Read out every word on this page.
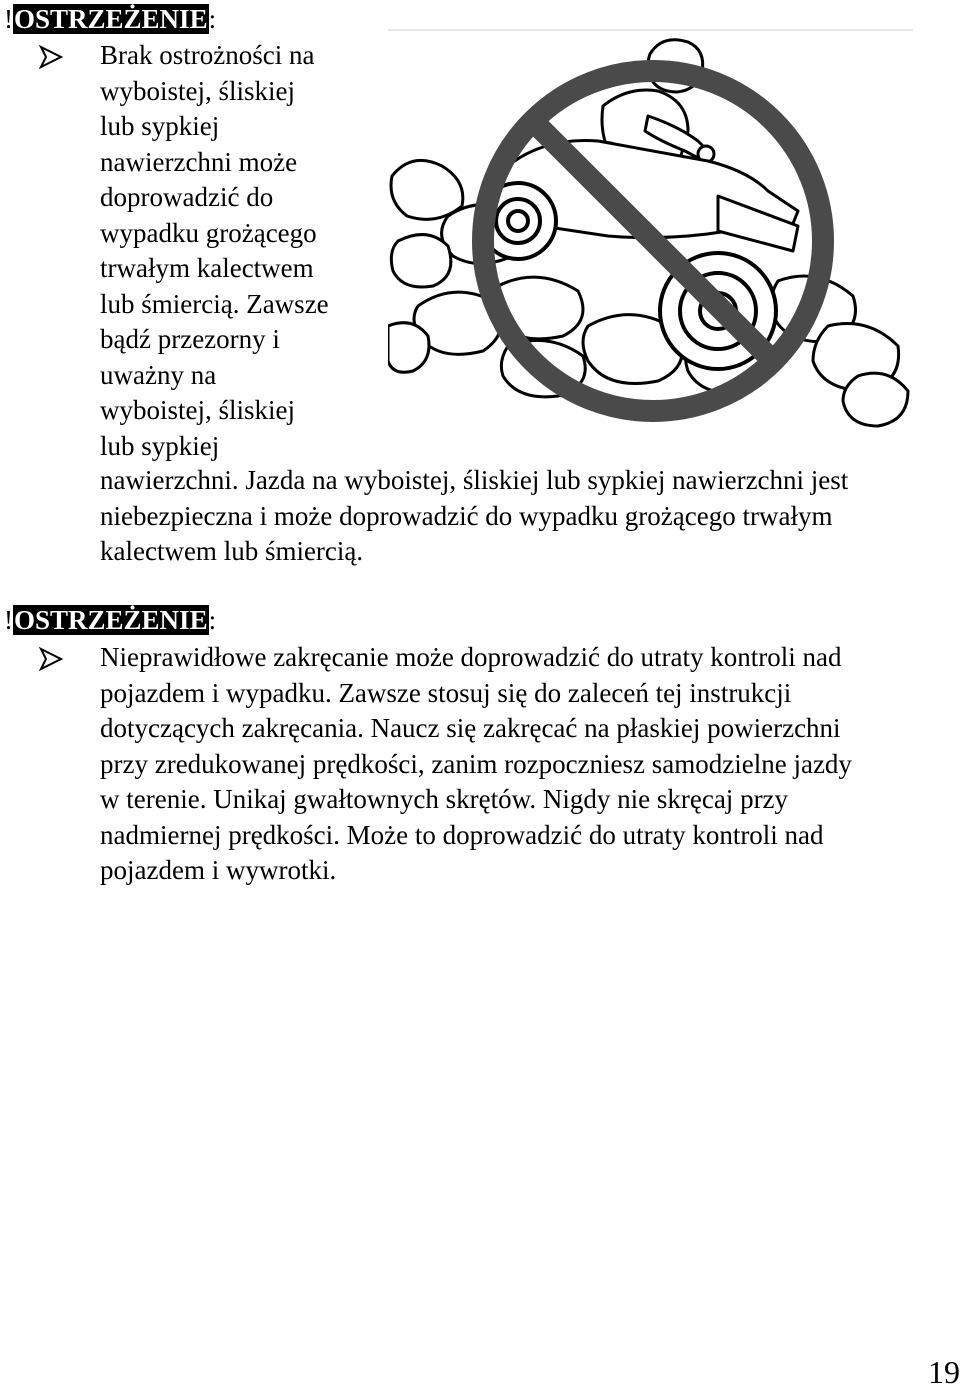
!OSTRZEŻENIE:
Brak ostrożności na
wyboistej, śliskiej
lub sypkiej
nawierzchni może
doprowadzić do
wypadku grożącego
trwałym kalectwem
lub śmiercią. Zawsze
bądź przezorny i
uważny na
wyboistej, śliskiej
lub sypkiej
nawierzchni. Jazda na wyboistej, śliskiej lub sypkiej nawierzchni jest
niebezpieczna i może doprowadzić do wypadku grożącego trwałym
kalectwem lub śmiercią.
!OSTRZEŻENIE:
Nieprawidłowe zakręcanie może doprowadzić do utraty kontroli nad
pojazdem i wypadku. Zawsze stosuj się do zaleceń tej instrukcji
dotyczących zakręcania. Naucz się zakręcać na płaskiej powierzchni
przy zredukowanej prędkości, zanim rozpoczniesz samodzielne jazdy
w terenie. Unikaj gwałtownych skrętów. Nigdy nie skręcaj przy
nadmiernej prędkości. Może to doprowadzić do utraty kontroli nad
pojazdem i wywrotki.
19
